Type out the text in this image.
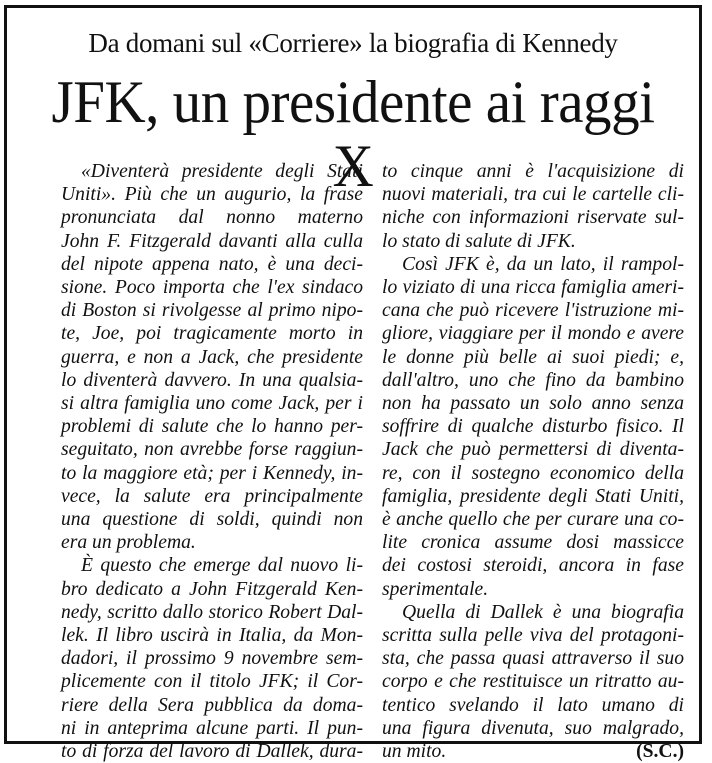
Da domani sul «Corriere» la biografia di Kennedy
JFK, un presidente ai raggi X
«Diventerà presidente degli Stati
Uniti». Più che un augurio, la frase
pronunciata dal nonno materno
John F. Fitzgerald davanti alla culla
del nipote appena nato, è una deci-
sione. Poco importa che l'ex sindaco
di Boston si rivolgesse al primo nipo-
te, Joe, poi tragicamente morto in
guerra, e non a Jack, che presidente
lo diventerà davvero. In una qualsia-
si altra famiglia uno come Jack, per i
problemi di salute che lo hanno per-
seguitato, non avrebbe forse raggiun-
to la maggiore età; per i Kennedy, in-
vece, la salute era principalmente
una questione di soldi, quindi non
era un problema.
È questo che emerge dal nuovo li-
bro dedicato a John Fitzgerald Ken-
nedy, scritto dallo storico Robert Dal-
lek. Il libro uscirà in Italia, da Mon-
dadori, il prossimo 9 novembre sem-
plicemente con il titolo JFK; il Cor-
riere della Sera pubblica da doma-
ni in anteprima alcune parti. Il pun-
to di forza del lavoro di Dallek, dura-
to cinque anni è l'acquisizione di
nuovi materiali, tra cui le cartelle cli-
niche con informazioni riservate sul-
lo stato di salute di JFK.
Così JFK è, da un lato, il rampol-
lo viziato di una ricca famiglia ameri-
cana che può ricevere l'istruzione mi-
gliore, viaggiare per il mondo e avere
le donne più belle ai suoi piedi; e,
dall'altro, uno che fino da bambino
non ha passato un solo anno senza
soffrire di qualche disturbo fisico. Il
Jack che può permettersi di diventa-
re, con il sostegno economico della
famiglia, presidente degli Stati Uniti,
è anche quello che per curare una co-
lite cronica assume dosi massicce
dei costosi steroidi, ancora in fase
sperimentale.
Quella di Dallek è una biografia
scritta sulla pelle viva del protagoni-
sta, che passa quasi attraverso il suo
corpo e che restituisce un ritratto au-
tentico svelando il lato umano di
una figura divenuta, suo malgrado,
un mito.	(S.C.)
